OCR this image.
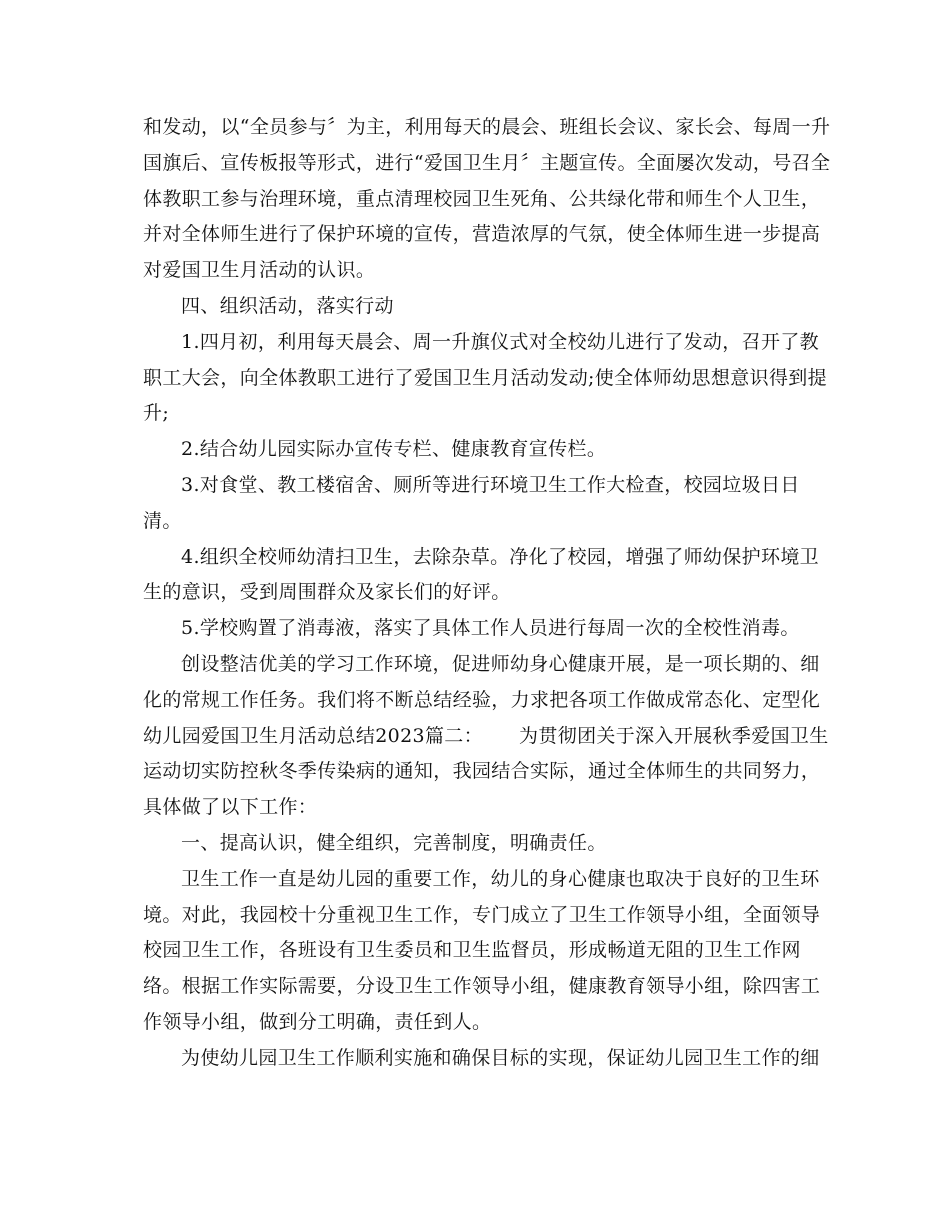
和发动，以“全员参与〞为主，利用每天的晨会、班组长会议、家长会、每周一升
国旗后、宣传板报等形式，进行“爱国卫生月〞主题宣传。全面屡次发动，号召全
体教职工参与治理环境，重点清理校园卫生死角、公共绿化带和师生个人卫生，
并对全体师生进行了保护环境的宣传，营造浓厚的气氛，使全体师生进一步提高
对爱国卫生月活动的认识。
四、组织活动，落实行动
1.四月初，利用每天晨会、周一升旗仪式对全校幼儿进行了发动，召开了教
职工大会，向全体教职工进行了爱国卫生月活动发动;使全体师幼思想意识得到提
升;
2.结合幼儿园实际办宣传专栏、健康教育宣传栏。
3.对食堂、教工楼宿舍、厕所等进行环境卫生工作大检查，校园垃圾日日
清。
4.组织全校师幼清扫卫生，去除杂草。净化了校园，增强了师幼保护环境卫
生的意识，受到周围群众及家长们的好评。
5.学校购置了消毒液，落实了具体工作人员进行每周一次的全校性消毒。
创设整洁优美的学习工作环境，促进师幼身心健康开展，是一项长期的、细
化的常规工作任务。我们将不断总结经验，力求把各项工作做成常态化、定型化
幼儿园爱国卫生月活动总结2023篇二： 为贯彻团关于深入开展秋季爱国卫生
运动切实防控秋冬季传染病的通知，我园结合实际，通过全体师生的共同努力，
具体做了以下工作：
一、提高认识，健全组织，完善制度，明确责任。
卫生工作一直是幼儿园的重要工作，幼儿的身心健康也取决于良好的卫生环
境。对此，我园校十分重视卫生工作，专门成立了卫生工作领导小组，全面领导
校园卫生工作，各班设有卫生委员和卫生监督员，形成畅道无阻的卫生工作网
络。根据工作实际需要，分设卫生工作领导小组，健康教育领导小组，除四害工
作领导小组，做到分工明确，责任到人。
为使幼儿园卫生工作顺利实施和确保目标的实现，保证幼儿园卫生工作的细
